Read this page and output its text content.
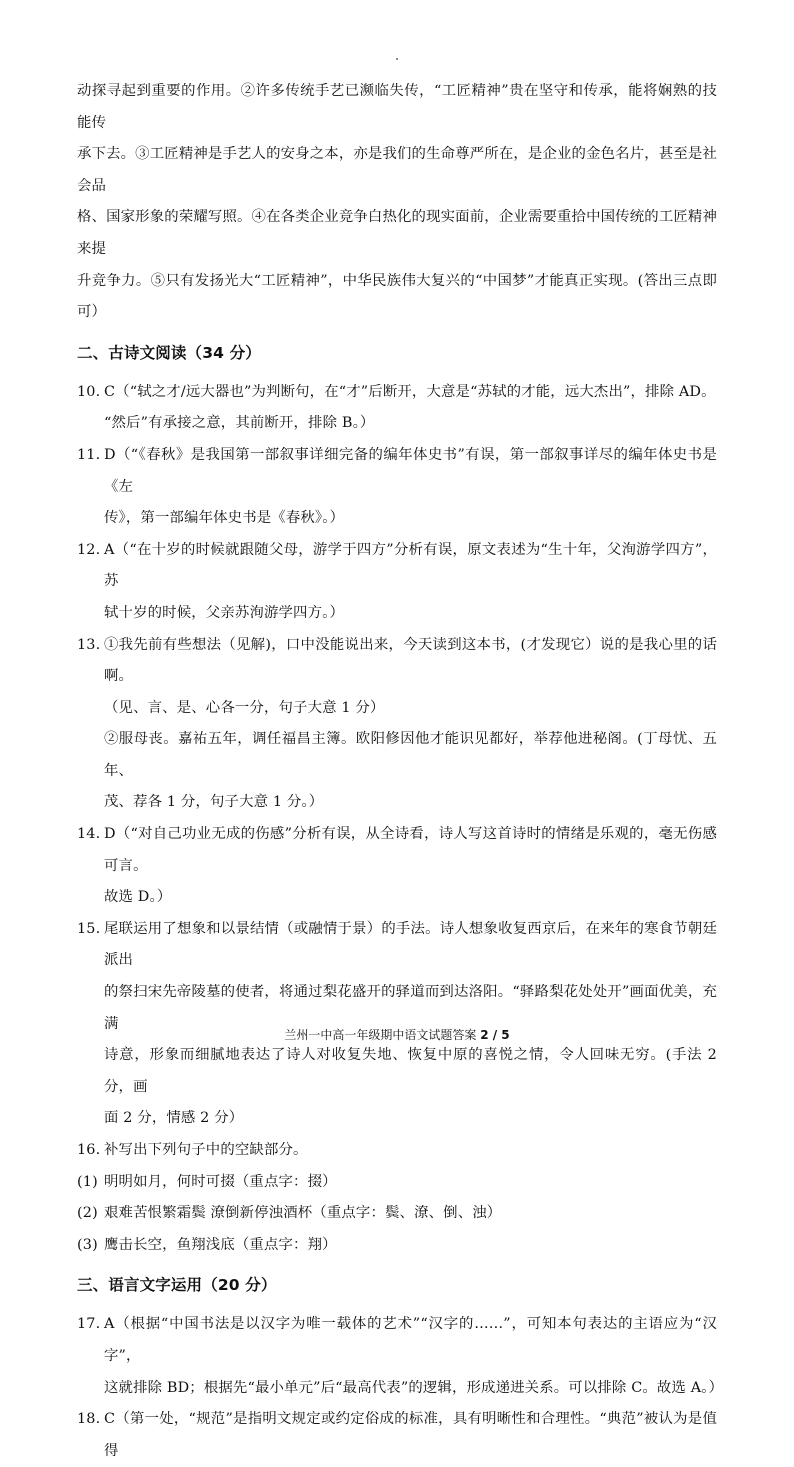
动探寻起到重要的作用。②许多传统手艺已濒临失传，“工匠精神”贵在坚守和传承，能将娴熟的技能传
承下去。③工匠精神是手艺人的安身之本，亦是我们的生命尊严所在，是企业的金色名片，甚至是社会品
格、国家形象的荣耀写照。④在各类企业竞争白热化的现实面前，企业需要重拾中国传统的工匠精神来提
升竞争力。⑤只有发扬光大“工匠精神”，中华民族伟大复兴的“中国梦”才能真正实现。(答出三点即可）
二、古诗文阅读（34 分）
10. C（“轼之才/远大器也”为判断句，在“才”后断开，大意是“苏轼的才能，远大杰出”，排除 AD。
“然后”有承接之意，其前断开，排除 B。）
11. D（“《春秋》是我国第一部叙事详细完备的编年体史书”有误，第一部叙事详尽的编年体史书是《左
传》，第一部编年体史书是《春秋》。）
12. A（“在十岁的时候就跟随父母，游学于四方”分析有误，原文表述为“生十年，父洵游学四方”，苏
轼十岁的时候，父亲苏洵游学四方。）
13. ①我先前有些想法（见解)，口中没能说出来，今天读到这本书，(才发现它）说的是我心里的话啊。
（见、言、是、心各一分，句子大意 1 分）
②服母丧。嘉祐五年，调任福昌主簿。欧阳修因他才能识见都好，举荐他进秘阁。(丁母忧、五年、
茂、荐各 1 分，句子大意 1 分。）
14. D（“对自己功业无成的伤感”分析有误，从全诗看，诗人写这首诗时的情绪是乐观的，毫无伤感可言。
故选 D。）
15. 尾联运用了想象和以景结情（或融情于景）的手法。诗人想象收复西京后，在来年的寒食节朝廷派出
的祭扫宋先帝陵墓的使者，将通过梨花盛开的驿道而到达洛阳。“驿路梨花处处开”画面优美，充满
诗意，形象而细腻地表达了诗人对收复失地、恢复中原的喜悦之情，令人回味无穷。(手法 2 分，画
面 2 分，情感 2 分）
16. 补写出下列句子中的空缺部分。
(1) 明明如月，何时可掇（重点字：掇）
(2) 艰难苦恨繁霜鬓 潦倒新停浊酒杯（重点字：鬓、潦、倒、浊）
(3) 鹰击长空，鱼翔浅底（重点字：翔）
三、语言文字运用（20 分）
17. A（根据“中国书法是以汉字为唯一载体的艺术”“汉字的……”，可知本句表达的主语应为“汉字”，
这就排除 BD；根据先“最小单元”后“最高代表”的逻辑，形成递进关系。可以排除 C。故选 A。）
18. C（第一处，“规范”是指明文规定或约定俗成的标准，具有明晰性和合理性。“典范”被认为是值得
兰州一中高一年级期中语文试题答案 2 / 5
